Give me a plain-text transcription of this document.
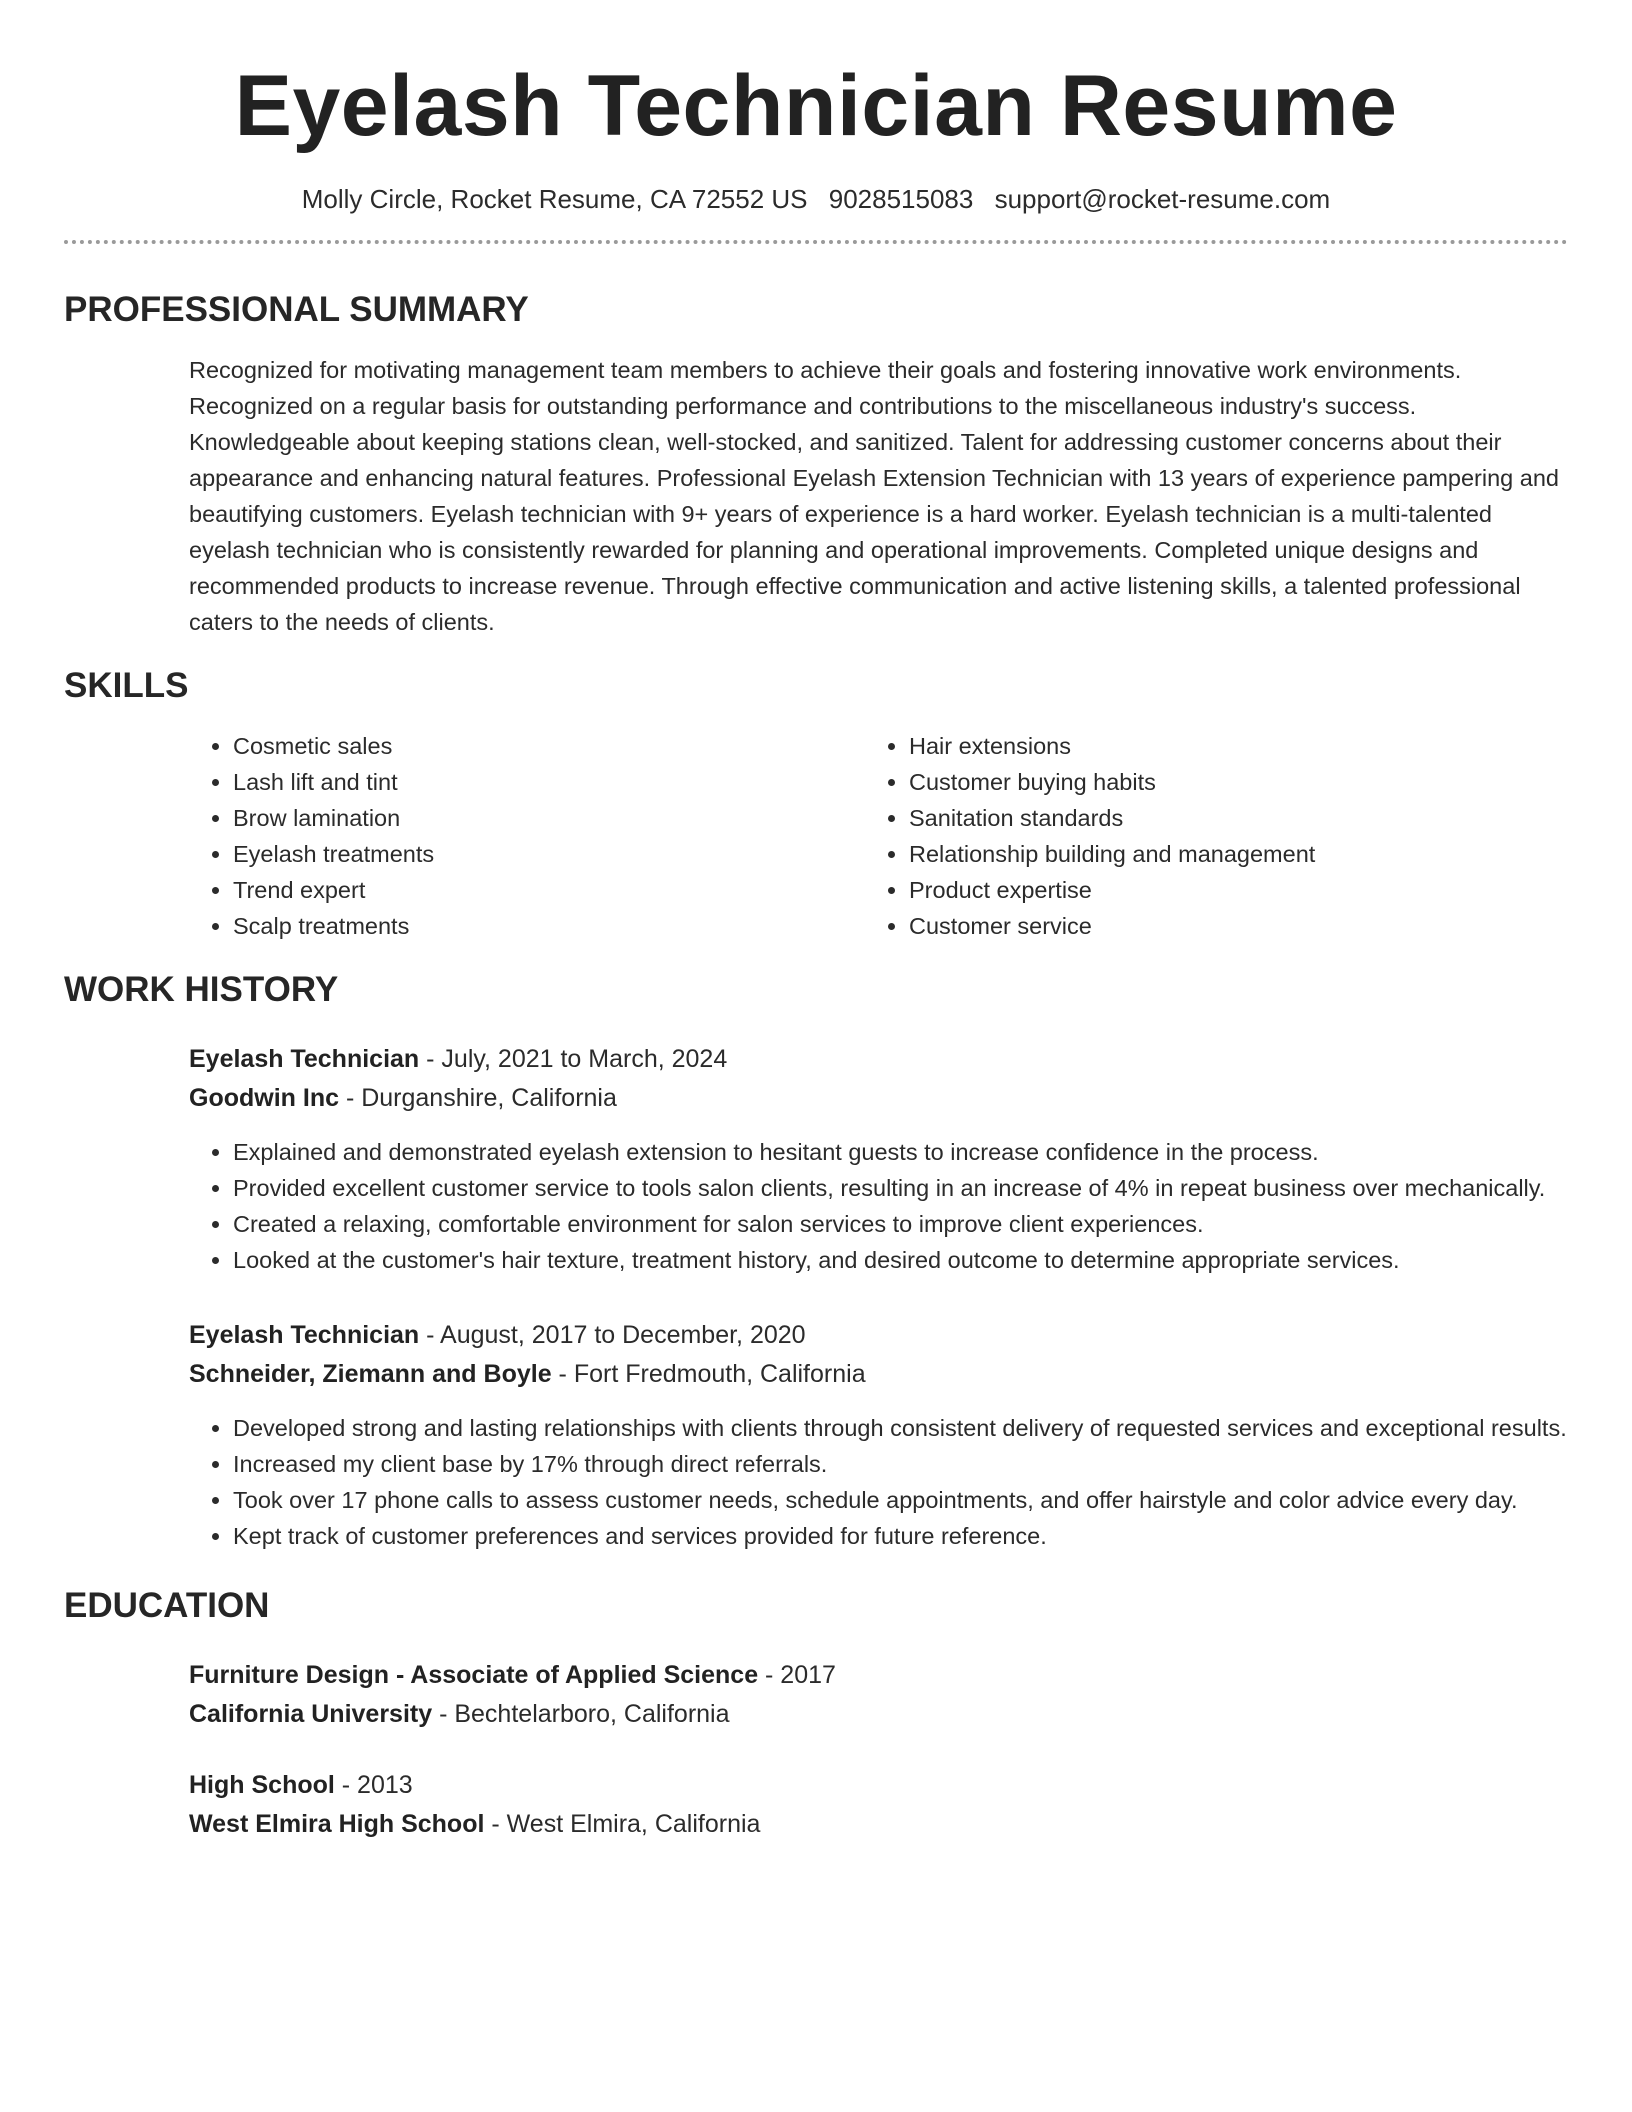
Eyelash Technician Resume
Molly Circle, Rocket Resume, CA 72552 US 9028515083 support@rocket-resume.com
PROFESSIONAL SUMMARY

Recognized for motivating management team members to achieve their goals and fostering innovative work environments. Recognized on a regular basis for outstanding performance and contributions to the miscellaneous industry's success. Knowledgeable about keeping stations clean, well-stocked, and sanitized. Talent for addressing customer concerns about their appearance and enhancing natural features. Professional Eyelash Extension Technician with 13 years of experience pampering and beautifying customers. Eyelash technician with 9+ years of experience is a hard worker. Eyelash technician is a multi-talented eyelash technician who is consistently rewarded for planning and operational improvements. Completed unique designs and recommended products to increase revenue. Through effective communication and active listening skills, a talented professional caters to the needs of clients.

SKILLS
• Cosmetic sales
• Lash lift and tint
• Brow lamination
• Eyelash treatments
• Trend expert
• Scalp treatments
• Hair extensions
• Customer buying habits
• Sanitation standards
• Relationship building and management
• Product expertise
• Customer service
WORK HISTORY
Eyelash Technician - July, 2021 to March, 2024
Goodwin Inc - Durganshire, California
• Explained and demonstrated eyelash extension to hesitant guests to increase confidence in the process.
• Provided excellent customer service to tools salon clients, resulting in an increase of 4% in repeat business over mechanically.
• Created a relaxing, comfortable environment for salon services to improve client experiences.
• Looked at the customer's hair texture, treatment history, and desired outcome to determine appropriate services.
Eyelash Technician - August, 2017 to December, 2020
Schneider, Ziemann and Boyle - Fort Fredmouth, California
• Developed strong and lasting relationships with clients through consistent delivery of requested services and exceptional results.
• Increased my client base by 17% through direct referrals.
• Took over 17 phone calls to assess customer needs, schedule appointments, and offer hairstyle and color advice every day.
• Kept track of customer preferences and services provided for future reference.
EDUCATION
Furniture Design - Associate of Applied Science - 2017
California University - Bechtelarboro, California
High School - 2013
West Elmira High School - West Elmira, California
